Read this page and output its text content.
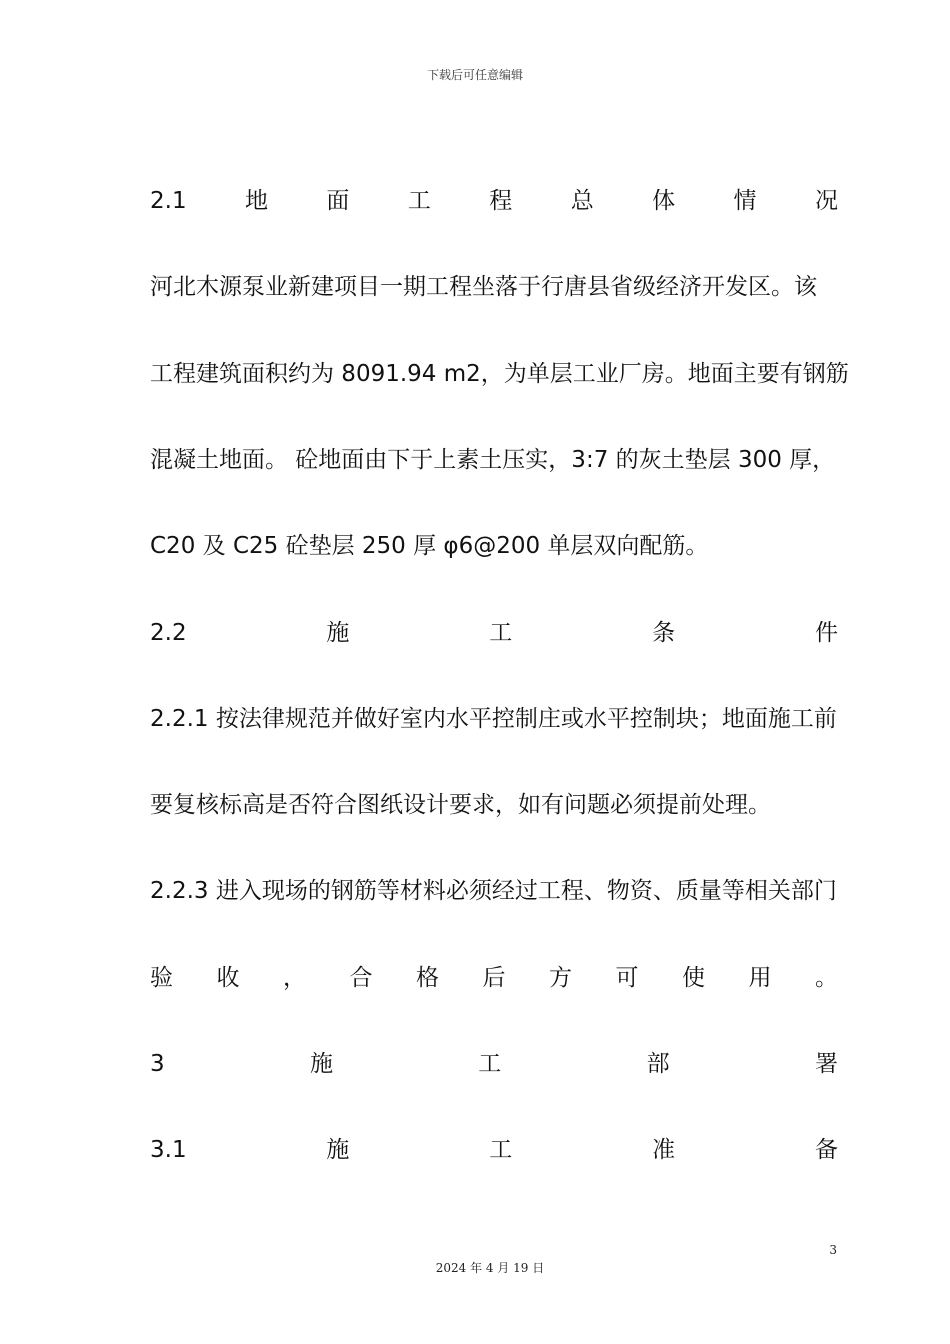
下载后可任意编辑
2.1	地	面	工	程	总	体	情	况
河北木源泵业新建项目一期工程坐落于行唐县省级经济开发区。该
工程建筑面积约为 8091.94 m2，为单层工业厂房。地面主要有钢筋
混凝土地面。 砼地面由下于上素土压实，3:7 的灰土垫层 300 厚，
C20 及 C25 砼垫层 250 厚 φ6@200 单层双向配筋。
2.2	施	工	条	件
2.2.1 按法律规范并做好室内水平控制庄或水平控制块；地面施工前
要复核标高是否符合图纸设计要求，如有问题必须提前处理。
2.2.3 进入现场的钢筋等材料必须经过工程、物资、质量等相关部门
验 收 ， 合 格 后 方 可 使 用 。
3	施	工	部	署
3.1	施	工	准	备
3
2024 年 4 月 19 日
